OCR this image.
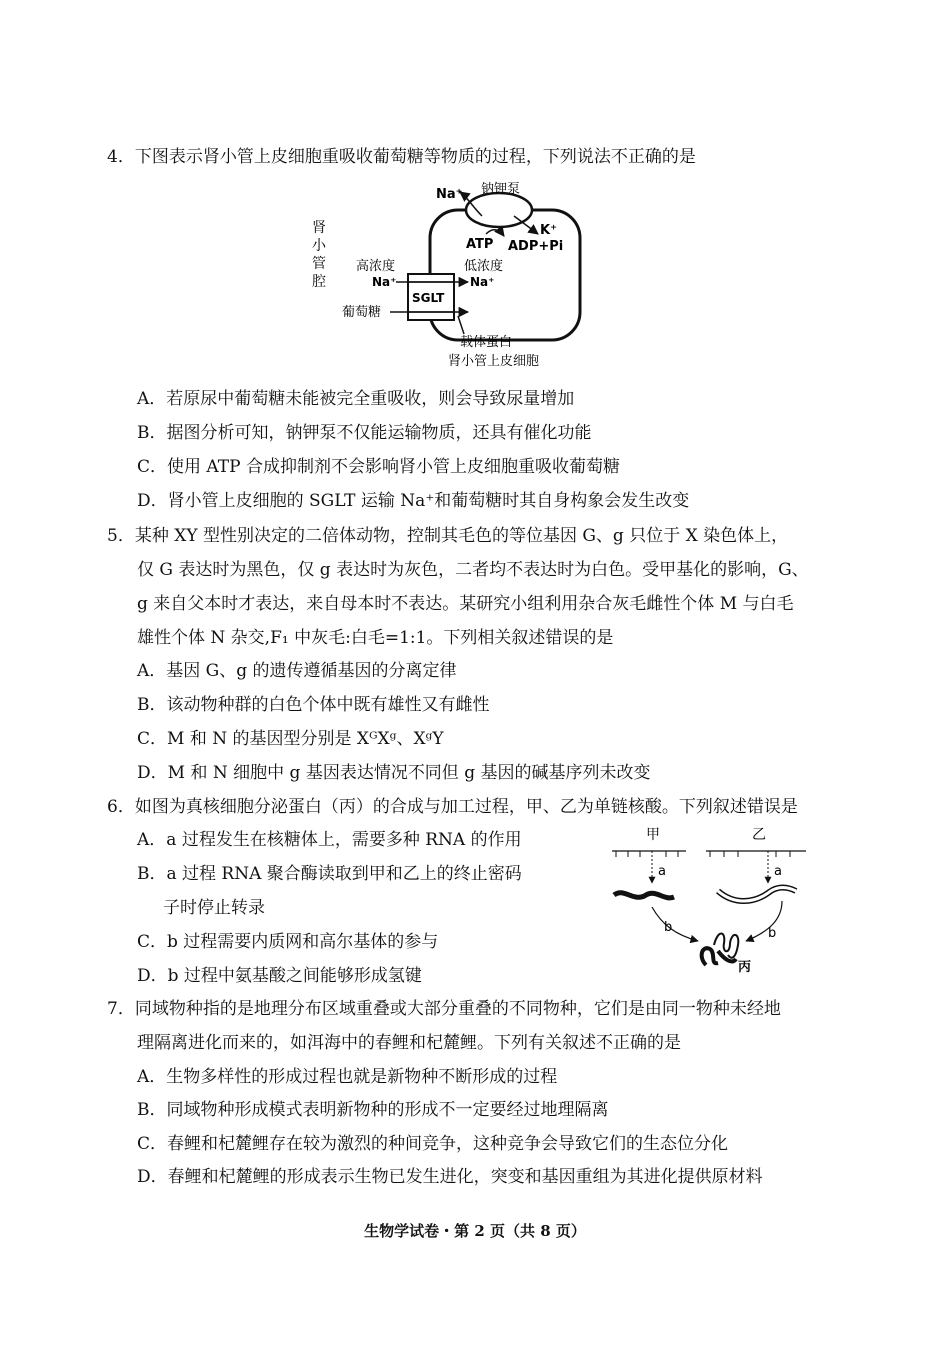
4．下图表示肾小管上皮细胞重吸收葡萄糖等物质的过程，下列说法不正确的是
钠钾泵
Na⁺
K⁺
ATP ADP+Pi
肾
小
管
腔
SGLT
高浓度	低浓度
Na⁺	Na⁺
葡萄糖
载体蛋白
肾小管上皮细胞
A．若原尿中葡萄糖未能被完全重吸收，则会导致尿量增加
B．据图分析可知，钠钾泵不仅能运输物质，还具有催化功能
C．使用 ATP 合成抑制剂不会影响肾小管上皮细胞重吸收葡萄糖
D．肾小管上皮细胞的 SGLT 运输 Na⁺和葡萄糖时其自身构象会发生改变
5．某种 XY 型性别决定的二倍体动物，控制其毛色的等位基因 G、g 只位于 X 染色体上，
仅 G 表达时为黑色，仅 g 表达时为灰色，二者均不表达时为白色。受甲基化的影响，G、
g 来自父本时才表达，来自母本时不表达。某研究小组利用杂合灰毛雌性个体 M 与白毛
雄性个体 N 杂交,F₁ 中灰毛:白毛=1:1。下列相关叙述错误的是
A．基因 G、g 的遗传遵循基因的分离定律
B．该动物种群的白色个体中既有雄性又有雌性
C．M 和 N 的基因型分别是 XᴳXᵍ、XᵍY
D．M 和 N 细胞中 g 基因表达情况不同但 g 基因的碱基序列未改变
6．如图为真核细胞分泌蛋白（丙）的合成与加工过程，甲、乙为单链核酸。下列叙述错误是
A．a 过程发生在核糖体上，需要多种 RNA 的作用
B．a 过程 RNA 聚合酶读取到甲和乙上的终止密码
子时停止转录
C．b 过程需要内质网和高尔基体的参与
D．b 过程中氨基酸之间能够形成氢键
甲	乙
a	a
b	b
丙
7．同域物种指的是地理分布区域重叠或大部分重叠的不同物种，它们是由同一物种未经地
理隔离进化而来的，如洱海中的春鲤和杞麓鲤。下列有关叙述不正确的是
A．生物多样性的形成过程也就是新物种不断形成的过程
B．同域物种形成模式表明新物种的形成不一定要经过地理隔离
C．春鲤和杞麓鲤存在较为激烈的种间竞争，这种竞争会导致它们的生态位分化
D．春鲤和杞麓鲤的形成表示生物已发生进化，突变和基因重组为其进化提供原材料
生物学试卷・第 2 页（共 8 页）
